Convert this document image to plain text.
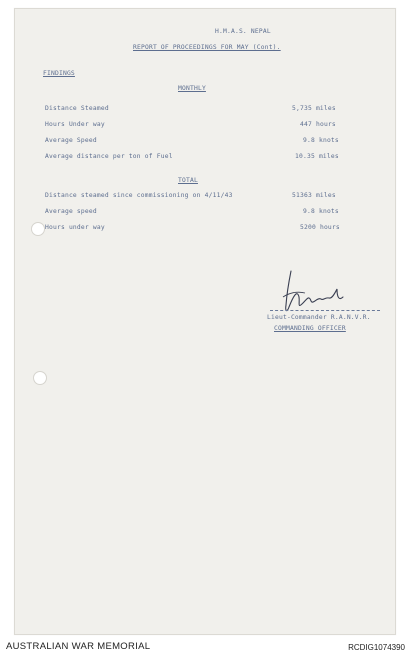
H.M.A.S. NEPAL
REPORT OF PROCEEDINGS FOR MAY (Cont).
FINDINGS
MONTHLY
Distance Steamed	5,735 miles
Hours Under way	447 hours
Average Speed	9.8 knots
Average distance per ton of Fuel	10.35 miles
TOTAL
Distance steamed since commissioning on 4/11/43	51363 miles
Average speed	9.8 knots
Hours under way	5200 hours
Lieut-Commander R.A.N.V.R.
COMMANDING OFFICER
AUSTRALIAN WAR MEMORIAL	RCDIG1074390
